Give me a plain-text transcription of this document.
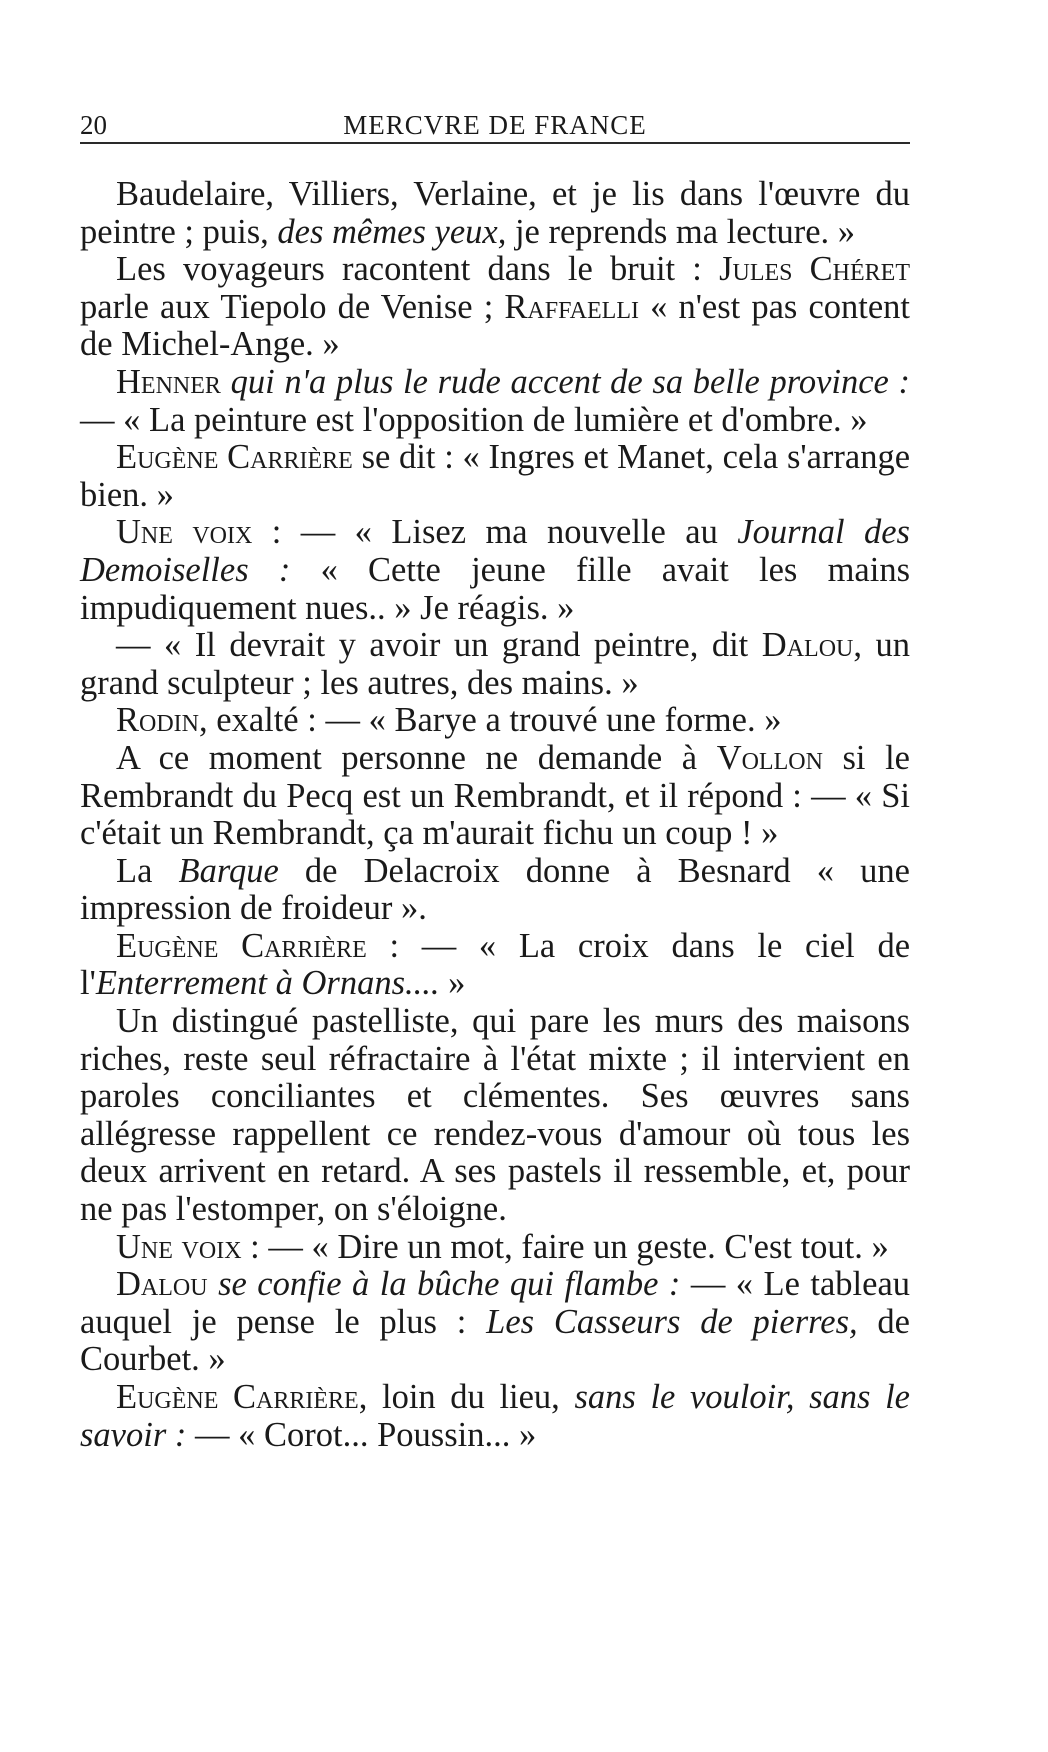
20	MERCVRE DE FRANCE

Baudelaire, Villiers, Verlaine, et je lis dans l'œuvre du peintre ; puis, des mêmes yeux, je reprends ma lecture. »

Les voyageurs racontent dans le bruit : Jules Chéret parle aux Tiepolo de Venise ; Raffaelli « n'est pas content de Michel-Ange. »

Henner qui n'a plus le rude accent de sa belle province : — « La peinture est l'opposition de lumière et d'ombre. »

Eugène Carrière se dit : « Ingres et Manet, cela s'arrange bien. »

Une voix : — « Lisez ma nouvelle au Journal des Demoiselles : « Cette jeune fille avait les mains impudiquement nues.. » Je réagis. »

— « Il devrait y avoir un grand peintre, dit Dalou, un grand sculpteur ; les autres, des mains. »

Rodin, exalté : — « Barye a trouvé une forme. »

A ce moment personne ne demande à Vollon si le Rembrandt du Pecq est un Rembrandt, et il répond : — « Si c'était un Rembrandt, ça m'aurait fichu un coup ! »

La Barque de Delacroix donne à Besnard « une impression de froideur ».

Eugène Carrière : — « La croix dans le ciel de l'Enterrement à Ornans.... »

Un distingué pastelliste, qui pare les murs des maisons riches, reste seul réfractaire à l'état mixte ; il intervient en paroles conciliantes et clémentes. Ses œuvres sans allégresse rappellent ce rendez-vous d'amour où tous les deux arrivent en retard. A ses pastels il ressemble, et, pour ne pas l'estomper, on s'éloigne.

Une voix : — « Dire un mot, faire un geste. C'est tout. »

Dalou se confie à la bûche qui flambe : — « Le tableau auquel je pense le plus : Les Casseurs de pierres, de Courbet. »

Eugène Carrière, loin du lieu, sans le vouloir, sans le savoir : — « Corot... Poussin... »
